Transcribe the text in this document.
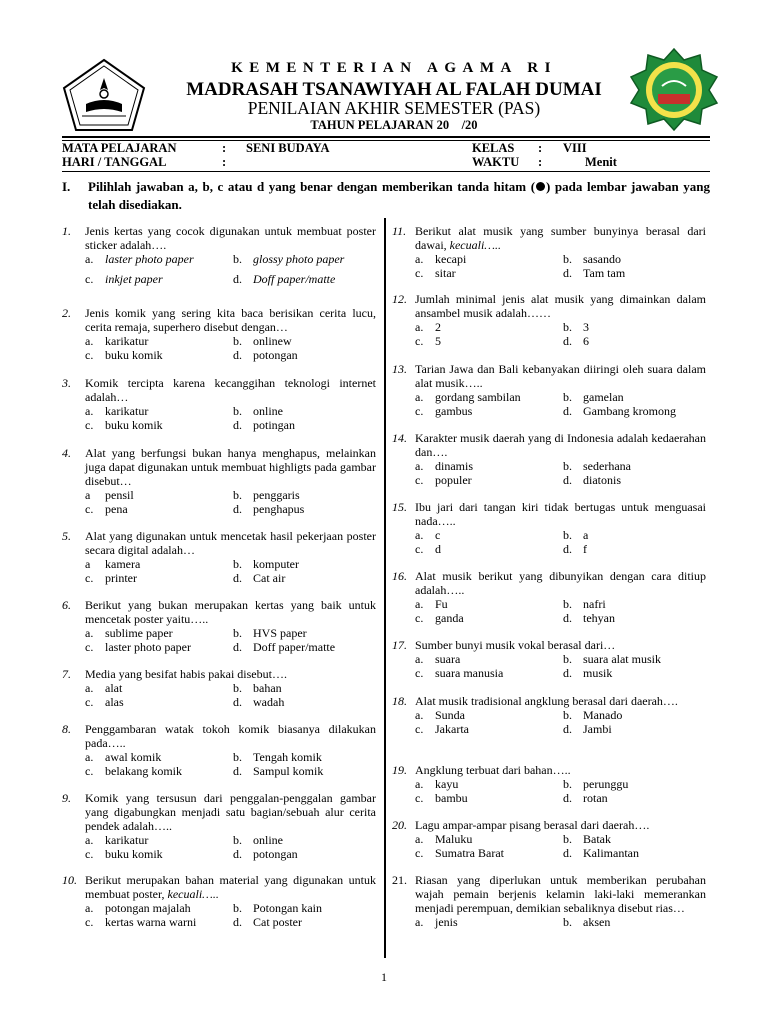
KEMENTERIAN AGAMA RI
MADRASAH TSANAWIYAH AL FALAH DUMAI
PENILAIAN AKHIR SEMESTER (PAS)
TAHUN PELAJARAN 20    /20
MATA PELAJARAN	: SENI BUDAYA	KELAS : VIII
HARI / TANGGAL	:	WAKTU :	Menit
I. Pilihlah jawaban a, b, c atau d yang benar dengan memberikan tanda hitam ( ) pada lembar jawaban yang telah disediakan.
1. Jenis kertas yang cocok digunakan untuk membuat poster sticker adalah….
a. laster photo paper	b. glossy photo paper
c. inkjet paper	d. Doff paper/matte
2. Jenis komik yang sering kita baca berisikan cerita lucu, cerita remaja, superhero disebut dengan…
a. karikatur	b. onlinew
c. buku komik	d. potongan
3. Komik tercipta karena kecanggihan teknologi internet adalah…
a. karikatur	b. online
c. buku komik	d. potingan
4. Alat yang berfungsi bukan hanya menghapus, melainkan juga dapat digunakan untuk membuat highligts pada gambar disebut…
a	pensil	b. penggaris
c. pena	d. penghapus
5. Alat yang digunakan untuk mencetak hasil pekerjaan poster secara digital adalah…
a	kamera	b. komputer
c. printer	d. Cat air
6. Berikut yang bukan merupakan kertas yang baik untuk mencetak poster yaitu…..
a. sublime paper	b. HVS paper
c. laster photo paper	d. Doff paper/matte
7. Media yang besifat habis pakai disebut….
a. alat	b. bahan
c. alas	d. wadah
8. Penggambaran watak tokoh komik biasanya dilakukan pada…..
a. awal komik	b. Tengah komik
c. belakang komik	d. Sampul komik
9. Komik yang tersusun dari penggalan-penggalan gambar yang digabungkan menjadi satu bagian/sebuah alur cerita pendek adalah…..
a. karikatur	b. online
c. buku komik	d. potongan
10. Berikut merupakan bahan material yang digunakan untuk membuat poster, kecuali…..
a. potongan majalah	b. Potongan kain
c. kertas warna warni	d. Cat poster
11. Berikut alat musik yang sumber bunyinya berasal dari dawai, kecuali…..
a. kecapi	b. sasando
c. sitar	d. Tam tam
12. Jumlah minimal jenis alat musik yang dimainkan dalam ansambel musik adalah……
a. 2	b. 3
c. 5	d. 6
13. Tarian Jawa dan Bali kebanyakan diiringi oleh suara dalam alat musik…..
a. gordang sambilan	b. gamelan
c. gambus	d. Gambang kromong
14. Karakter musik daerah yang di Indonesia adalah kedaerahan dan….
a. dinamis	b. sederhana
c. populer	d. diatonis
15. Ibu jari dari tangan kiri tidak bertugas untuk menguasai nada…..
a. c	b. a
c. d	d. f
16. Alat musik berikut yang dibunyikan dengan cara ditiup adalah…..
a. Fu	b. nafri
c. ganda	d. tehyan
17. Sumber bunyi musik vokal berasal dari…
a. suara	b. suara alat musik
c. suara manusia	d. musik
18. Alat musik tradisional angklung berasal dari daerah….
a. Sunda	b. Manado
c. Jakarta	d. Jambi
19. Angklung terbuat dari bahan…..
a. kayu	b. perunggu
c. bambu	d. rotan
20. Lagu ampar-ampar pisang berasal dari daerah….
a. Maluku	b. Batak
c. Sumatra Barat	d. Kalimantan
21. Riasan yang diperlukan untuk memberikan perubahan wajah pemain berjenis kelamin laki-laki memerankan menjadi perempuan, demikian sebaliknya disebut rias…
a. jenis	b. aksen
1
